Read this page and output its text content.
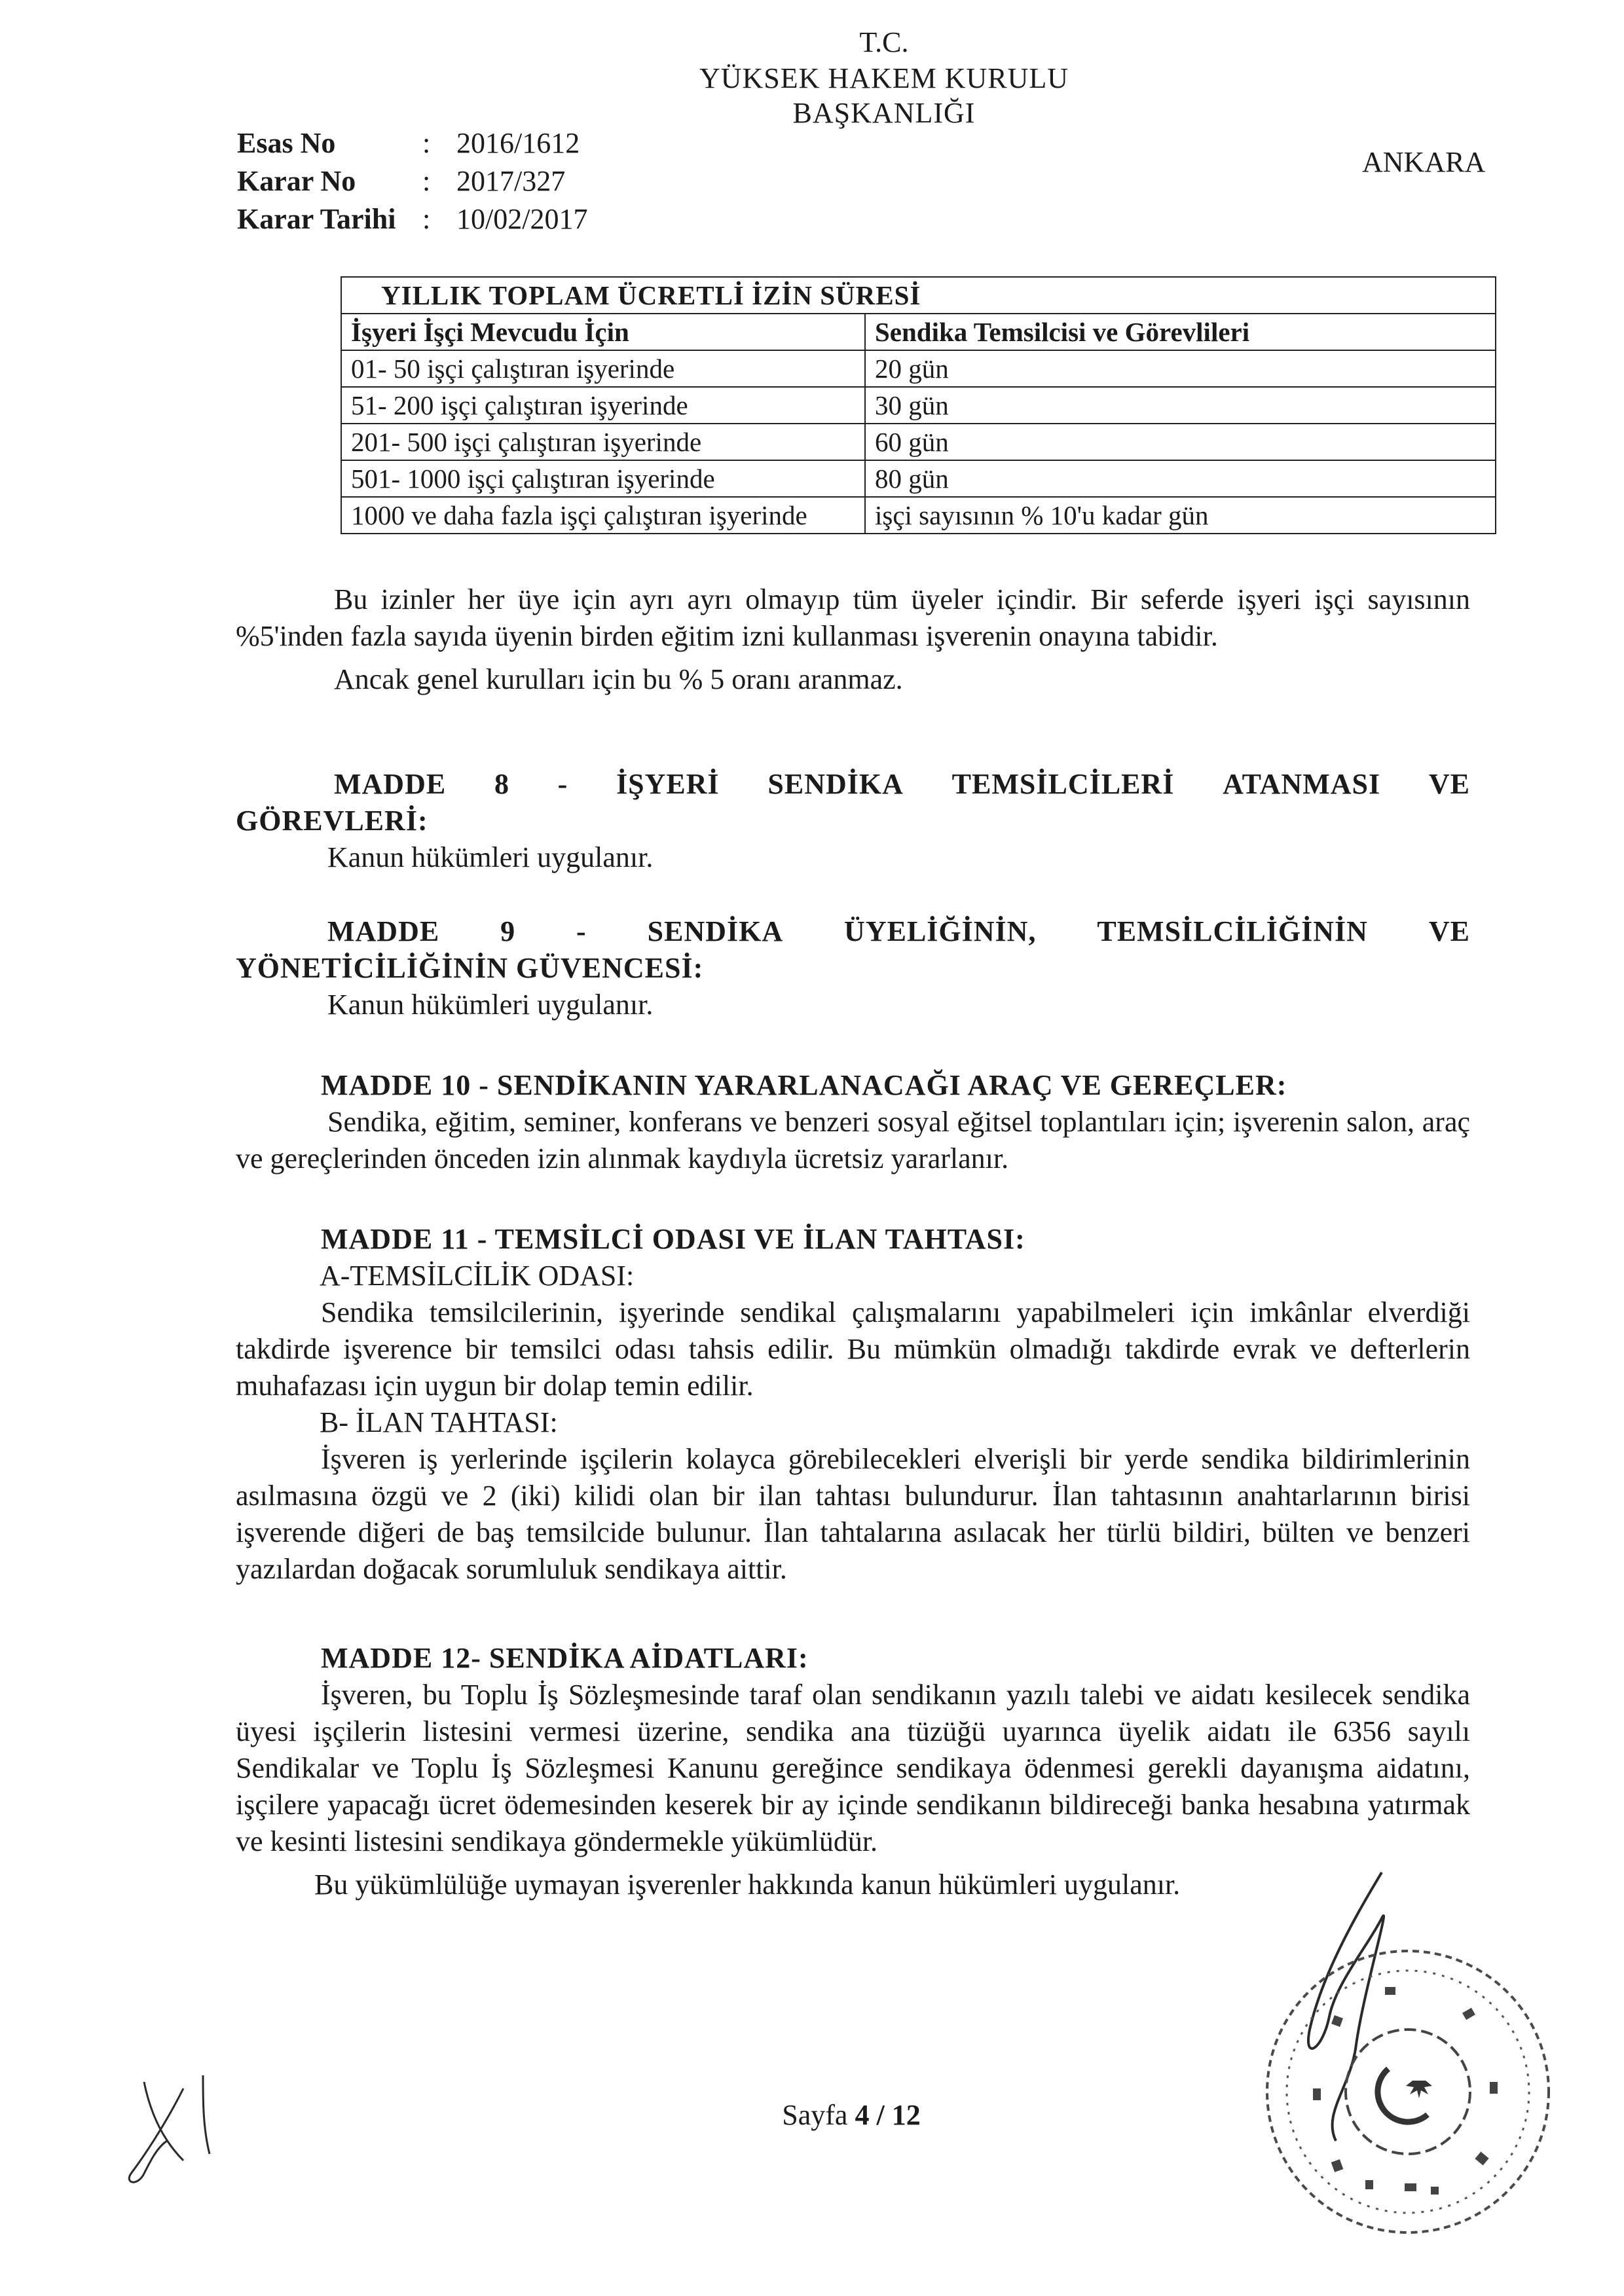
T.C.
YÜKSEK HAKEM KURULU
BAŞKANLIĞI
Esas No	: 2016/1612
Karar No	: 2017/327
Karar Tarihi : 10/02/2017
ANKARA
YILLIK TOPLAM ÜCRETLİ İZİN SÜRESİ	
İşyeri İşçi Mevcudu İçin	Sendika Temsilcisi ve Görevlileri
01- 50 işçi çalıştıran işyerinde	20 gün
51- 200 işçi çalıştıran işyerinde	30 gün
201- 500 işçi çalıştıran işyerinde	60 gün
501- 1000 işçi çalıştıran işyerinde	80 gün
1000 ve daha fazla işçi çalıştıran işyerinde	işçi sayısının % 10'u kadar gün

Bu izinler her üye için ayrı ayrı olmayıp tüm üyeler içindir. Bir seferde işyeri işçi sayısının %5'inden fazla sayıda üyenin birden eğitim izni kullanması işverenin onayına tabidir.

Ancak genel kurulları için bu % 5 oranı aranmaz.

MADDE 8 - İŞYERİ SENDİKA TEMSİLCİLERİ ATANMASI VE
GÖREVLERİ:

Kanun hükümleri uygulanır.

MADDE 9 - SENDİKA ÜYELİĞİNİN, TEMSİLCİLİĞİNİN VE
YÖNETİCİLİĞİNİN GÜVENCESİ:

Kanun hükümleri uygulanır.

MADDE 10 - SENDİKANIN YARARLANACAĞI ARAÇ VE GEREÇLER:

Sendika, eğitim, seminer, konferans ve benzeri sosyal eğitsel toplantıları için; işverenin salon, araç ve gereçlerinden önceden izin alınmak kaydıyla ücretsiz yararlanır.

MADDE 11 - TEMSİLCİ ODASI VE İLAN TAHTASI:
A-TEMSİLCİLİK ODASI:

Sendika temsilcilerinin, işyerinde sendikal çalışmalarını yapabilmeleri için imkânlar elverdiği takdirde işverence bir temsilci odası tahsis edilir. Bu mümkün olmadığı takdirde evrak ve defterlerin muhafazası için uygun bir dolap temin edilir.

B- İLAN TAHTASI:

İşveren iş yerlerinde işçilerin kolayca görebilecekleri elverişli bir yerde sendika bildirimlerinin asılmasına özgü ve 2 (iki) kilidi olan bir ilan tahtası bulundurur. İlan tahtasının anahtarlarının birisi işverende diğeri de baş temsilcide bulunur. İlan tahtalarına asılacak her türlü bildiri, bülten ve benzeri yazılardan doğacak sorumluluk sendikaya aittir.

MADDE 12- SENDİKA AİDATLARI:

İşveren, bu Toplu İş Sözleşmesinde taraf olan sendikanın yazılı talebi ve aidatı kesilecek sendika üyesi işçilerin listesini vermesi üzerine, sendika ana tüzüğü uyarınca üyelik aidatı ile 6356 sayılı Sendikalar ve Toplu İş Sözleşmesi Kanunu gereğince sendikaya ödenmesi gerekli dayanışma aidatını, işçilere yapacağı ücret ödemesinden keserek bir ay içinde sendikanın bildireceği banka hesabına yatırmak ve kesinti listesini sendikaya göndermekle yükümlüdür.

Bu yükümlülüğe uymayan işverenler hakkında kanun hükümleri uygulanır.

Sayfa 4 / 12
